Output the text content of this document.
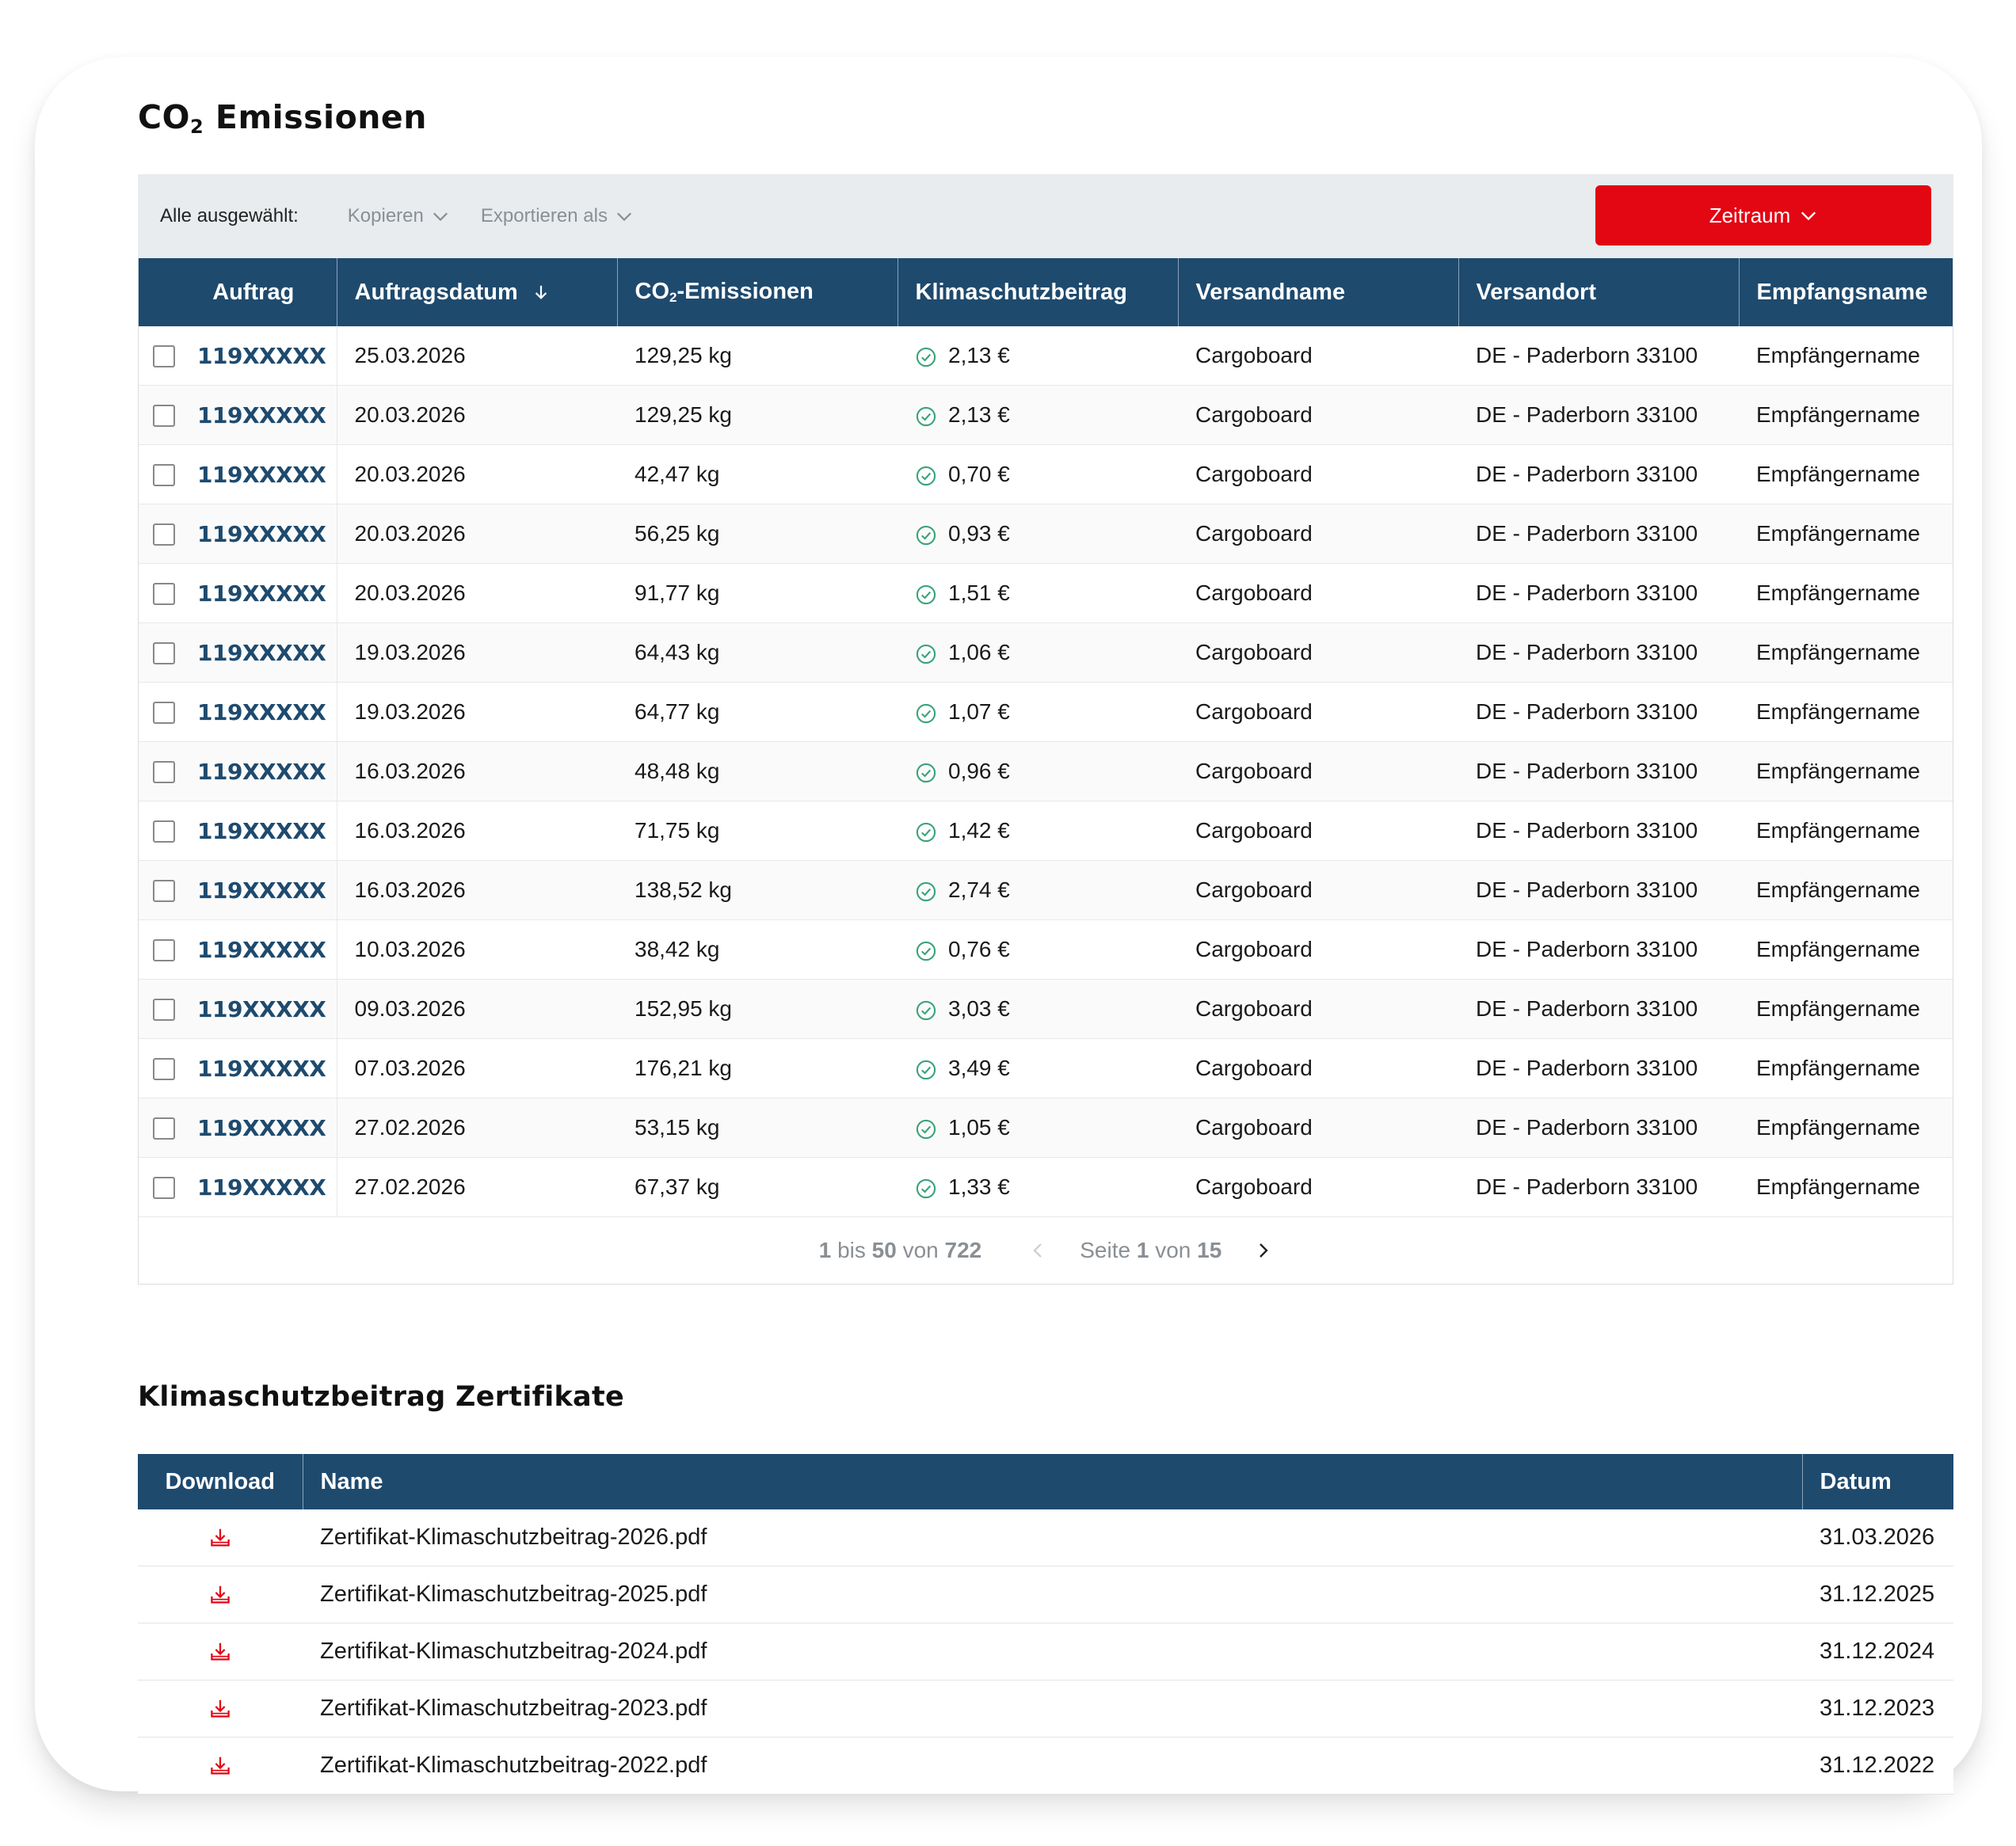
$CO_2$ Emissionen
Alle ausgewählt:	Kopieren	Exportieren als	Zeitraum
Auftrag	Auftragsdatum	$CO_2$-Emissionen	Klimaschutzbeitrag	Versandname	Versandort	Empfangsname
119XXXXX	25.03.2026	129,25 kg	2,13 €	Cargoboard	DE - Paderborn 33100	Empfängername
119XXXXX	20.03.2026	129,25 kg	2,13 €	Cargoboard	DE - Paderborn 33100	Empfängername
119XXXXX	20.03.2026	42,47 kg	0,70 €	Cargoboard	DE - Paderborn 33100	Empfängername
119XXXXX	20.03.2026	56,25 kg	0,93 €	Cargoboard	DE - Paderborn 33100	Empfängername
119XXXXX	20.03.2026	91,77 kg	1,51 €	Cargoboard	DE - Paderborn 33100	Empfängername
119XXXXX	19.03.2026	64,43 kg	1,06 €	Cargoboard	DE - Paderborn 33100	Empfängername
119XXXXX	19.03.2026	64,77 kg	1,07 €	Cargoboard	DE - Paderborn 33100	Empfängername
119XXXXX	16.03.2026	48,48 kg	0,96 €	Cargoboard	DE - Paderborn 33100	Empfängername
119XXXXX	16.03.2026	71,75 kg	1,42 €	Cargoboard	DE - Paderborn 33100	Empfängername
119XXXXX	16.03.2026	138,52 kg	2,74 €	Cargoboard	DE - Paderborn 33100	Empfängername
119XXXXX	10.03.2026	38,42 kg	0,76 €	Cargoboard	DE - Paderborn 33100	Empfängername
119XXXXX	09.03.2026	152,95 kg	3,03 €	Cargoboard	DE - Paderborn 33100	Empfängername
119XXXXX	07.03.2026	176,21 kg	3,49 €	Cargoboard	DE - Paderborn 33100	Empfängername
119XXXXX	27.02.2026	53,15 kg	1,05 €	Cargoboard	DE - Paderborn 33100	Empfängername
119XXXXX	27.02.2026	67,37 kg	1,33 €	Cargoboard	DE - Paderborn 33100	Empfängername
1 bis 50 von 722	Seite 1 von 15
Klimaschutzbeitrag Zertifikate
Download	Name	Datum
	Zertifikat-Klimaschutzbeitrag-2026.pdf	31.03.2026
	Zertifikat-Klimaschutzbeitrag-2025.pdf	31.12.2025
	Zertifikat-Klimaschutzbeitrag-2024.pdf	31.12.2024
	Zertifikat-Klimaschutzbeitrag-2023.pdf	31.12.2023
	Zertifikat-Klimaschutzbeitrag-2022.pdf	31.12.2022
